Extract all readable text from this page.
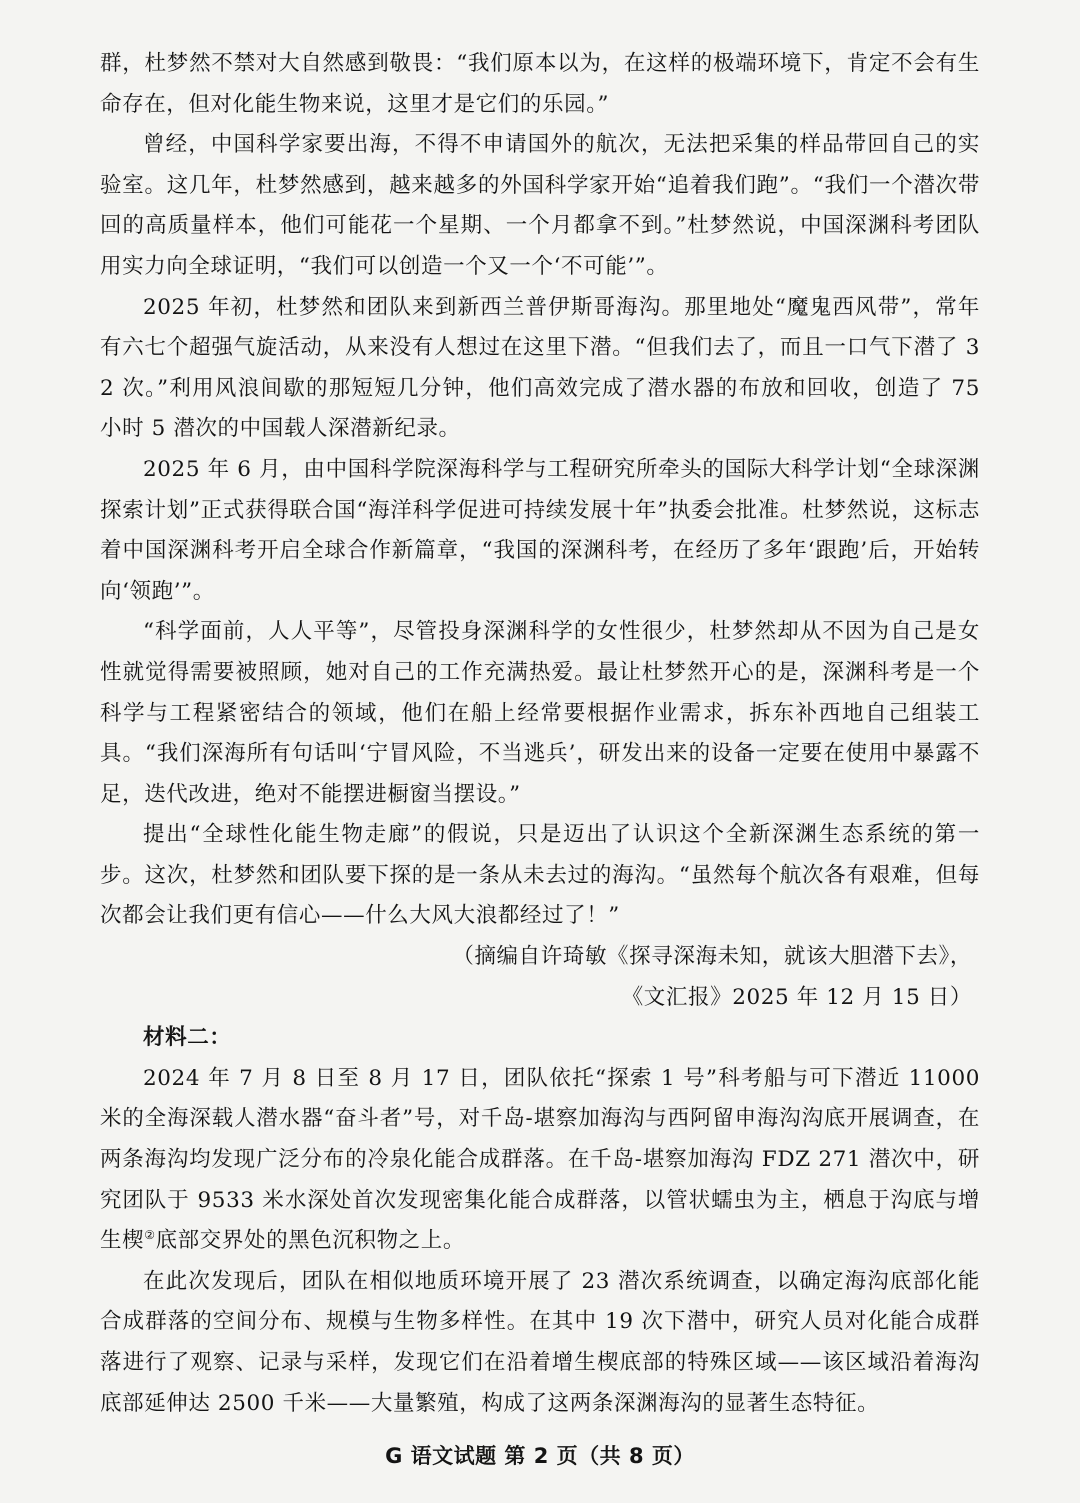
群，杜梦然不禁对大自然感到敬畏：“我们原本以为，在这样的极端环境下，肯定不会有生命存在，但对化能生物来说，这里才是它们的乐园。”

曾经，中国科学家要出海，不得不申请国外的航次，无法把采集的样品带回自己的实验室。这几年，杜梦然感到，越来越多的外国科学家开始“追着我们跑”。“我们一个潜次带回的高质量样本，他们可能花一个星期、一个月都拿不到。”杜梦然说，中国深渊科考团队用实力向全球证明，“我们可以创造一个又一个‘不可能’”。

2025 年初，杜梦然和团队来到新西兰普伊斯哥海沟。那里地处“魔鬼西风带”，常年有六七个超强气旋活动，从来没有人想过在这里下潜。“但我们去了，而且一口气下潜了 32 次。”利用风浪间歇的那短短几分钟，他们高效完成了潜水器的布放和回收，创造了 75 小时 5 潜次的中国载人深潜新纪录。

2025 年 6 月，由中国科学院深海科学与工程研究所牵头的国际大科学计划“全球深渊探索计划”正式获得联合国“海洋科学促进可持续发展十年”执委会批准。杜梦然说，这标志着中国深渊科考开启全球合作新篇章，“我国的深渊科考，在经历了多年‘跟跑’后，开始转向‘领跑’”。

“科学面前，人人平等”，尽管投身深渊科学的女性很少，杜梦然却从不因为自己是女性就觉得需要被照顾，她对自己的工作充满热爱。最让杜梦然开心的是，深渊科考是一个科学与工程紧密结合的领域，他们在船上经常要根据作业需求，拆东补西地自己组装工具。“我们深海所有句话叫‘宁冒风险，不当逃兵’，研发出来的设备一定要在使用中暴露不足，迭代改进，绝对不能摆进橱窗当摆设。”

提出“全球性化能生物走廊”的假说，只是迈出了认识这个全新深渊生态系统的第一步。这次，杜梦然和团队要下探的是一条从未去过的海沟。“虽然每个航次各有艰难，但每次都会让我们更有信心——什么大风大浪都经过了！”

（摘编自许琦敏《探寻深海未知，就该大胆潜下去》，

《文汇报》2025 年 12 月 15 日）

材料二：

2024 年 7 月 8 日至 8 月 17 日，团队依托“探索 1 号”科考船与可下潜近 11000 米的全海深载人潜水器“奋斗者”号，对千岛-堪察加海沟与西阿留申海沟沟底开展调查，在两条海沟均发现广泛分布的冷泉化能合成群落。在千岛-堪察加海沟 FDZ 271 潜次中，研究团队于 9533 米水深处首次发现密集化能合成群落，以管状蠕虫为主，栖息于沟底与增生楔②底部交界处的黑色沉积物之上。

在此次发现后，团队在相似地质环境开展了 23 潜次系统调查，以确定海沟底部化能合成群落的空间分布、规模与生物多样性。在其中 19 次下潜中，研究人员对化能合成群落进行了观察、记录与采样，发现它们在沿着增生楔底部的特殊区域——该区域沿着海沟底部延伸达 2500 千米——大量繁殖，构成了这两条深渊海沟的显著生态特征。

G 语文试题 第 2 页（共 8 页）
